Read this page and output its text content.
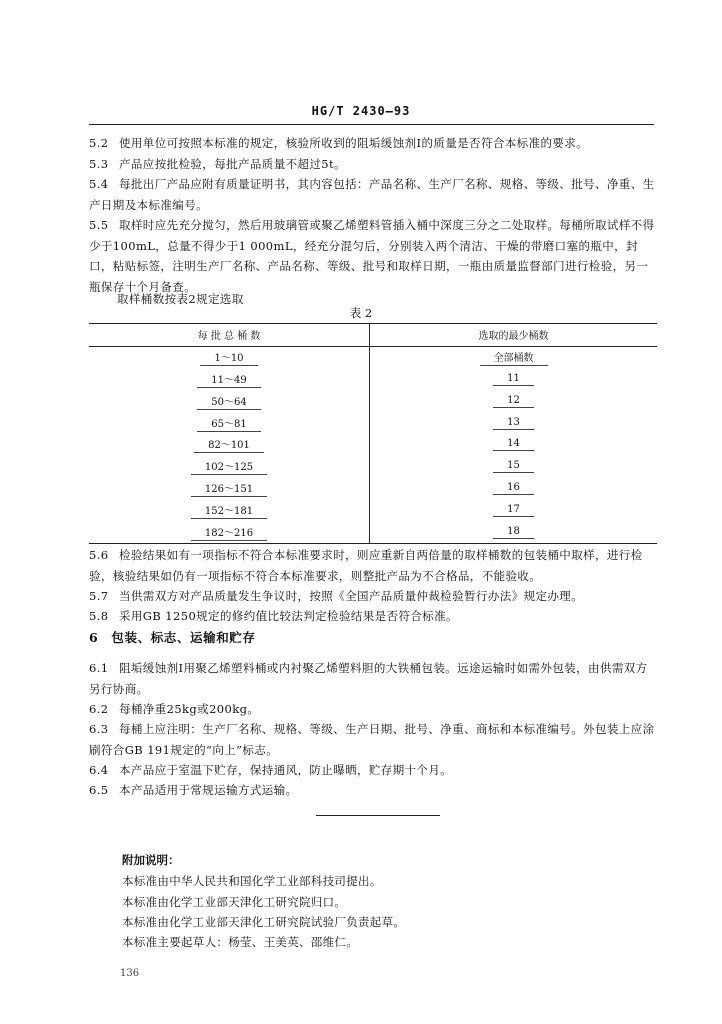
HG/T 2430—93
5.2 使用单位可按照本标准的规定，核验所收到的阻垢缓蚀剂Ⅰ的质量是否符合本标准的要求。
5.3 产品应按批检验，每批产品质量不超过5t。
5.4 每批出厂产品应附有质量证明书，其内容包括：产品名称、生产厂名称、规格、等级、批号、净重、生产日期及本标准编号。
5.5 取样时应先充分搅匀，然后用玻璃管或聚乙烯塑料管插入桶中深度三分之二处取样。每桶所取试样不得少于100mL，总量不得少于1 000mL，经充分混匀后，分别装入两个清洁、干燥的带磨口塞的瓶中，封口，粘贴标签，注明生产厂名称、产品名称、等级、批号和取样日期，一瓶由质量监督部门进行检验，另一瓶保存十个月备查。
取样桶数按表2规定选取
表 2
每 批 总 桶 数	选取的最少桶数
1～10	全部桶数
11～49	11
50～64	12
65～81	13
82～101	14
102～125	15
126～151	16
152～181	17
182～216	18
5.6 检验结果如有一项指标不符合本标准要求时，则应重新自两倍量的取样桶数的包装桶中取样，进行检验，核验结果如仍有一项指标不符合本标准要求，则整批产品为不合格品，不能验收。
5.7 当供需双方对产品质量发生争议时，按照《全国产品质量仲裁检验暂行办法》规定办理。
5.8 采用GB 1250规定的修约值比较法判定检验结果是否符合标准。
6　包装、标志、运输和贮存
6.1 阻垢缓蚀剂Ⅰ用聚乙烯塑料桶或内衬聚乙烯塑料胆的大铁桶包装。远途运输时如需外包装，由供需双方另行协商。
6.2 每桶净重25kg或200kg。
6.3 每桶上应注明：生产厂名称、规格、等级、生产日期、批号、净重、商标和本标准编号。外包装上应涂刷符合GB 191规定的“向上”标志。
6.4 本产品应于室温下贮存，保持通风，防止曝晒，贮存期十个月。
6.5 本产品适用于常规运输方式运输。
附加说明：
本标准由中华人民共和国化学工业部科技司提出。
本标准由化学工业部天津化工研究院归口。
本标准由化学工业部天津化工研究院试验厂负责起草。
本标准主要起草人：杨莹、王美英、邵维仁。
136
